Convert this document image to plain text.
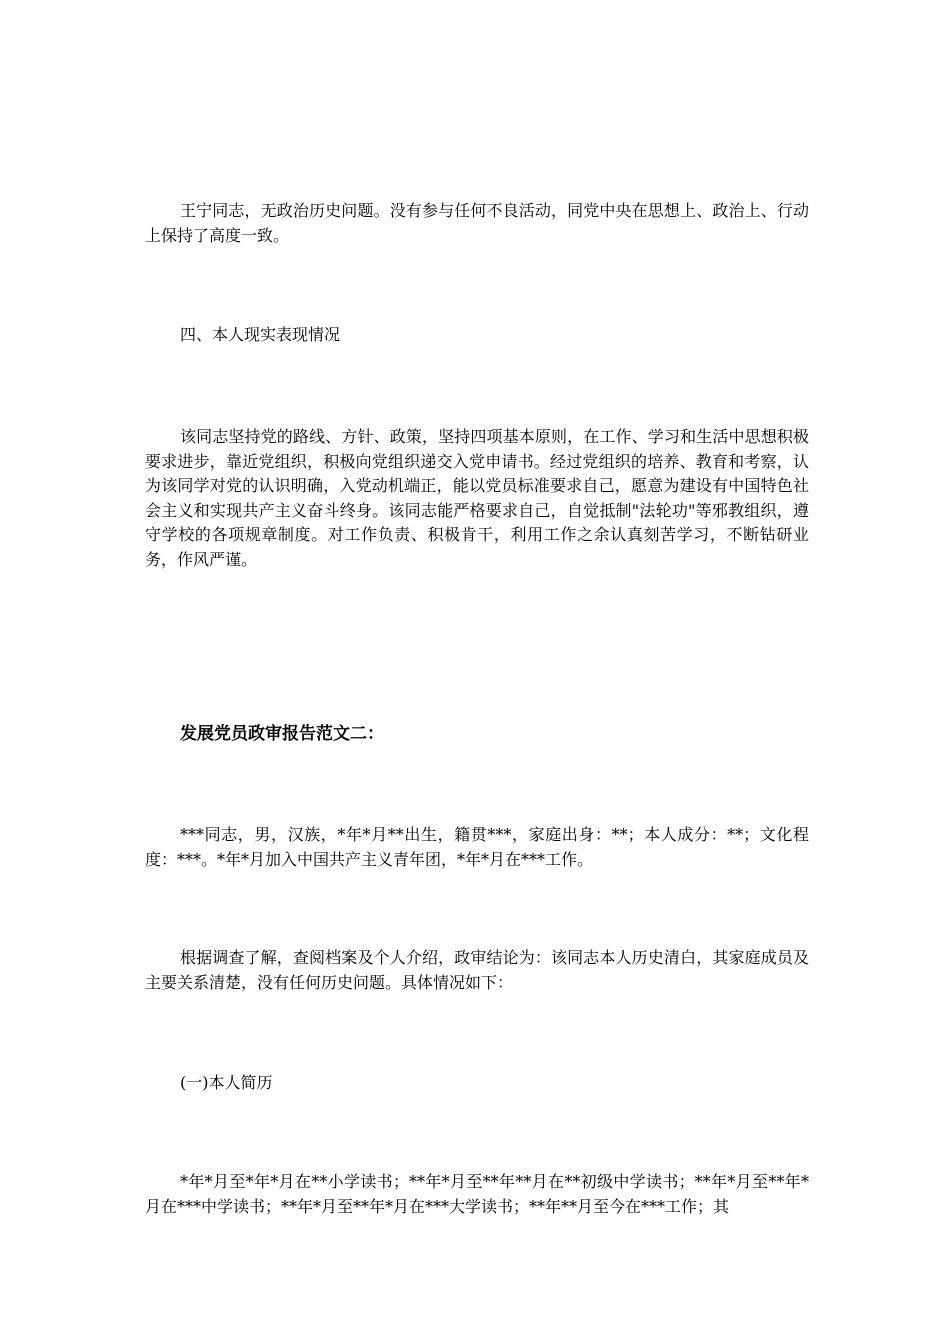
王宁同志，无政治历史问题。没有参与任何不良活动，同党中央在思想上、政治上、行动上保持了高度一致。

四、本人现实表现情况

该同志坚持党的路线、方针、政策，坚持四项基本原则，在工作、学习和生活中思想积极要求进步，靠近党组织，积极向党组织递交入党申请书。经过党组织的培养、教育和考察，认为该同学对党的认识明确，入党动机端正，能以党员标准要求自己，愿意为建设有中国特色社会主义和实现共产主义奋斗终身。该同志能严格要求自己，自觉抵制"法轮功"等邪教组织，遵守学校的各项规章制度。对工作负责、积极肯干，利用工作之余认真刻苦学习，不断钻研业务，作风严谨。

发展党员政审报告范文二：

***同志，男，汉族，*年*月**出生，籍贯***，家庭出身：**；本人成分：**；文化程度：***。*年*月加入中国共产主义青年团，*年*月在***工作。

根据调查了解，查阅档案及个人介绍，政审结论为：该同志本人历史清白，其家庭成员及主要关系清楚，没有任何历史问题。具体情况如下：

(一)本人简历

*年*月至*年*月在**小学读书；**年*月至**年**月在**初级中学读书；**年*月至**年*月在***中学读书；**年*月至**年*月在***大学读书；**年**月至今在***工作；其
